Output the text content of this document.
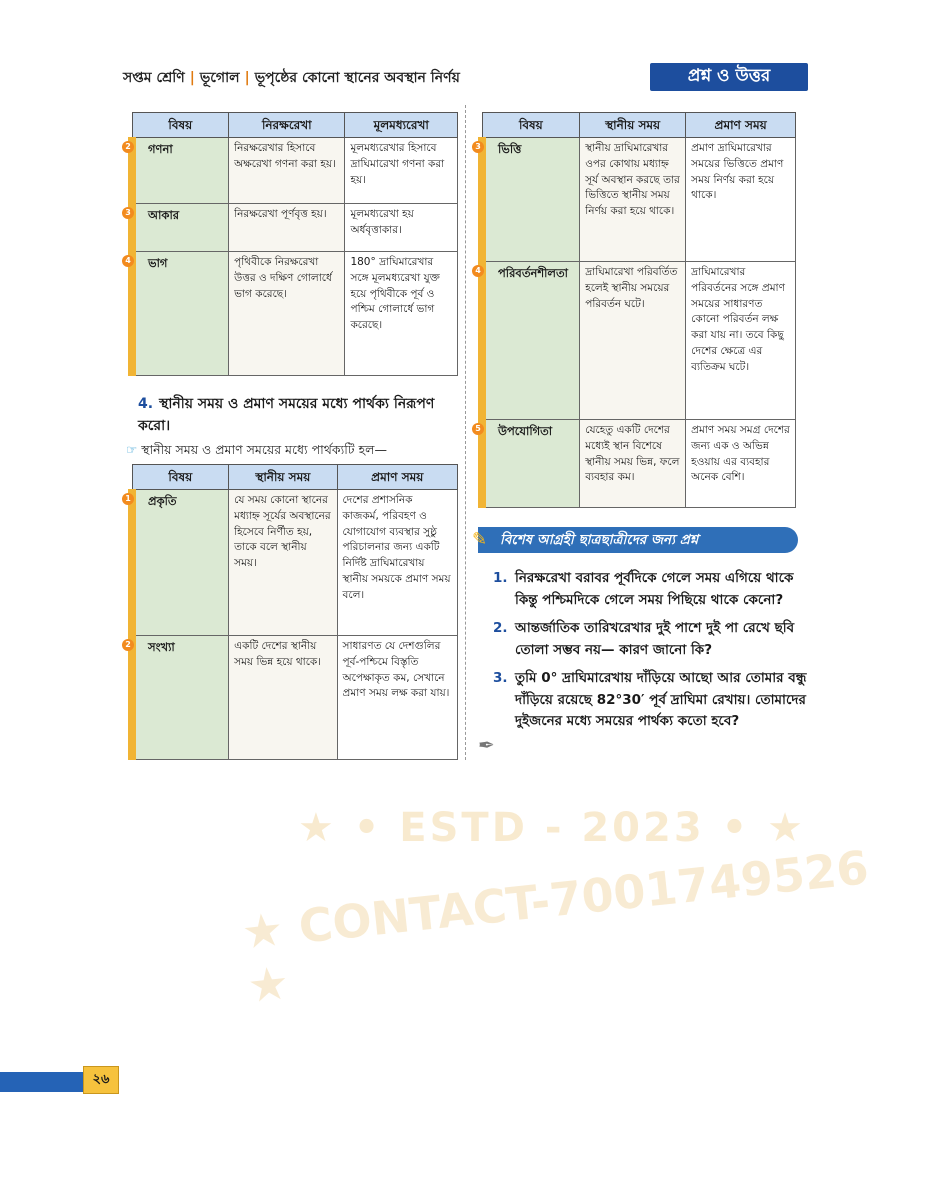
সপ্তম শ্রেণি | ভূগোল | ভূপৃষ্ঠের কোনো স্থানের অবস্থান নির্ণয়	প্রশ্ন ও উত্তর
বিষয়	নিরক্ষরেখা	মূলমধ্যরেখা

2 গণনা	নিরক্ষরেখার হিসাবে অক্ষরেখা গণনা করা হয়।	মূলমধ্যরেখার হিসাবে দ্রাঘিমারেখা গণনা করা হয়।

3 আকার	নিরক্ষরেখা পূর্ণবৃত্ত হয়।	মূলমধ্যরেখা হয় অর্ধবৃত্তাকার।

4 ভাগ	পৃথিবীকে নিরক্ষরেখা উত্তর ও দক্ষিণ গোলার্ধে ভাগ করেছে।	180° দ্রাঘিমারেখার সঙ্গে মূলমধ্যরেখা যুক্ত হয়ে পৃথিবীকে পূর্ব ও পশ্চিম গোলার্ধে ভাগ করেছে।
4. স্থানীয় সময় ও প্রমাণ সময়ের মধ্যে পার্থক্য নিরূপণ করো।
☞ স্থানীয় সময় ও প্রমাণ সময়ের মধ্যে পার্থক্যটি হল—
বিষয়	স্থানীয় সময়	প্রমাণ সময়

1 প্রকৃতি	যে সময় কোনো স্থানের মধ্যাহ্ন সূর্যের অবস্থানের হিসেবে নির্ণীত হয়, তাকে বলে স্থানীয় সময়।	দেশের প্রশাসনিক কাজকর্ম, পরিবহণ ও যোগাযোগ ব্যবস্থার সুষ্ঠু পরিচালনার জন্য একটি নির্দিষ্ট দ্রাঘিমারেখায় স্থানীয় সময়কে প্রমাণ সময় বলে।

2 সংখ্যা	একটি দেশের স্থানীয় সময় ভিন্ন হয়ে থাকে।	সাধারণত যে দেশগুলির পূর্ব-পশ্চিমে বিস্তৃতি অপেক্ষাকৃত কম, সেখানে প্রমাণ সময় লক্ষ করা যায়।
বিষয়	স্থানীয় সময়	প্রমাণ সময়

3 ভিত্তি	স্থানীয় দ্রাঘিমারেখার ওপর কোথায় মধ্যাহ্ন সূর্য অবস্থান করছে তার ভিত্তিতে স্থানীয় সময় নির্ণয় করা হয়ে থাকে।	প্রমাণ দ্রাঘিমারেখার সময়ের ভিত্তিতে প্রমাণ সময় নির্ণয় করা হয়ে থাকে।

4 পরিবর্তনশীলতা	দ্রাঘিমারেখা পরিবর্তিত হলেই স্থানীয় সময়ের পরিবর্তন ঘটে।	দ্রাঘিমারেখার পরিবর্তনের সঙ্গে প্রমাণ সময়ের সাধারণত কোনো পরিবর্তন লক্ষ করা যায় না। তবে কিছু দেশের ক্ষেত্রে এর ব্যতিক্রম ঘটে।

5 উপযোগিতা	যেহেতু একটি দেশের মধ্যেই স্থান বিশেষে স্থানীয় সময় ভিন্ন, ফলে ব্যবহার কম।	প্রমাণ সময় সমগ্র দেশের জন্য এক ও অভিন্ন হওয়ায় এর ব্যবহার অনেক বেশি।
✎ বিশেষ আগ্রহী ছাত্রছাত্রীদের জন্য প্রশ্ন
1. নিরক্ষরেখা বরাবর পূর্বদিকে গেলে সময় এগিয়ে থাকে কিন্তু পশ্চিমদিকে গেলে সময় পিছিয়ে থাকে কেনো?
2. আন্তর্জাতিক তারিখরেখার দুই পাশে দুই পা রেখে ছবি তোলা সম্ভব নয়— কারণ জানো কি?
3. তুমি 0° দ্রাঘিমারেখায় দাঁড়িয়ে আছো আর তোমার বন্ধু দাঁড়িয়ে রয়েছে 82°30′ পূর্ব দ্রাঘিমা রেখায়। তোমাদের দুইজনের মধ্যে সময়ের পার্থক্য কতো হবে?
✒
★ • ESTD - 2023 • ★
★ CONTACT-7001749526 ★
২৬
